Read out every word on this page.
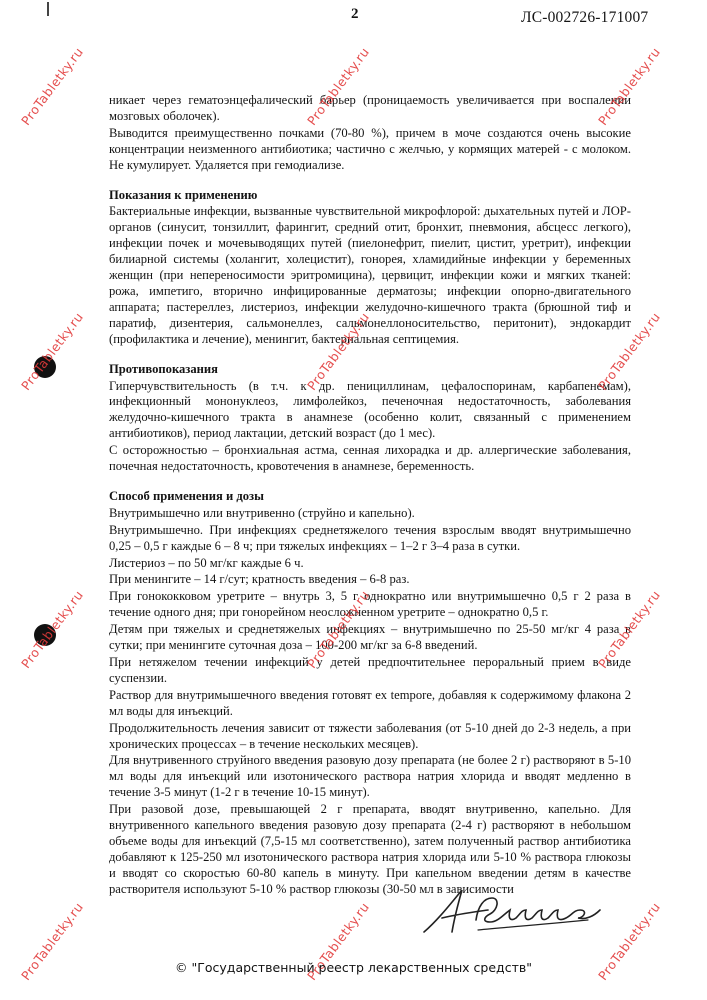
2	ЛС-002726-171007

никает через гематоэнцефалический барьер (проницаемость увеличивается при воспалении мозговых оболочек).

Выводится преимущественно почками (70-80 %), причем в моче создаются очень высокие концентрации неизменного антибиотика; частично с желчью, у кормящих матерей - с молоком. Не кумулирует. Удаляется при гемодиализе.

Показания к применению

Бактериальные инфекции, вызванные чувствительной микрофлорой: дыхательных путей и ЛОР-органов (синусит, тонзиллит, фарингит, средний отит, бронхит, пневмония, абсцесс легкого), инфекции почек и мочевыводящих путей (пиелонефрит, пиелит, цистит, уретрит), инфекции билиарной системы (холангит, холецистит), гонорея, хламидийные инфекции у беременных женщин (при непереносимости эритромицина), цервицит, инфекции кожи и мягких тканей: рожа, импетиго, вторично инфицированные дерматозы; инфекции опорно-двигательного аппарата; пастереллез, листериоз, инфекции желудочно-кишечного тракта (брюшной тиф и паратиф, дизентерия, сальмонеллез, сальмонеллоносительство, перитонит), эндокардит (профилактика и лечение), менингит, бактериальная септицемия.

Противопоказания

Гиперчувствительность (в т.ч. к др. пенициллинам, цефалоспоринам, карбапенемам), инфекционный мононуклеоз, лимфолейкоз, печеночная недостаточность, заболевания желудочно-кишечного тракта в анамнезе (особенно колит, связанный с применением антибиотиков), период лактации, детский возраст (до 1 мес).

С осторожностью – бронхиальная астма, сенная лихорадка и др. аллергические заболевания, почечная недостаточность, кровотечения в анамнезе, беременность.

Способ применения и дозы

Внутримышечно или внутривенно (струйно и капельно).

Внутримышечно. При инфекциях среднетяжелого течения взрослым вводят внутримышечно 0,25 – 0,5 г каждые 6 – 8 ч; при тяжелых инфекциях – 1–2 г 3–4 раза в сутки.

Листериоз – по 50 мг/кг каждые 6 ч.

При менингите – 14 г/сут; кратность введения – 6-8 раз.

При гонококковом уретрите – внутрь 3, 5 г однократно или внутримышечно 0,5 г 2 раза в течение одного дня; при гонорейном неосложненном уретрите – однократно 0,5 г.

Детям при тяжелых и среднетяжелых инфекциях – внутримышечно по 25-50 мг/кг 4 раза в сутки; при менингите суточная доза – 100-200 мг/кг за 6-8 введений.

При нетяжелом течении инфекций у детей предпочтительнее пероральный прием в виде суспензии.

Раствор для внутримышечного введения готовят ex tempore, добавляя к содержимому флакона 2 мл воды для инъекций.

Продолжительность лечения зависит от тяжести заболевания (от 5-10 дней до 2-3 недель, а при хронических процессах – в течение нескольких месяцев).

Для внутривенного струйного введения разовую дозу препарата (не более 2 г) растворяют в 5-10 мл воды для инъекций или изотонического раствора натрия хлорида и вводят медленно в течение 3-5 минут (1-2 г в течение 10-15 минут).

При разовой дозе, превышающей 2 г препарата, вводят внутривенно, капельно. Для внутривенного капельного введения разовую дозу препарата (2-4 г) растворяют в небольшом объеме воды для инъекций (7,5-15 мл соответственно), затем полученный раствор антибиотика добавляют к 125-250 мл изотонического раствора натрия хлорида или 5-10 % раствора глюкозы и вводят со скоростью 60-80 капель в минуту. При капельном введении детям в качестве растворителя используют 5-10 % раствор глюкозы (30-50 мл в зависимости

ProTabletky.ru	ProTabletky.ru	ProTabletky.ru
ProTabletky.ru	ProTabletky.ru	ProTabletky.ru
ProTabletky.ru	ProTabletky.ru	ProTabletky.ru
ProTabletky.ru	ProTabletky.ru	ProTabletky.ru
© "Государственный реестр лекарственных средств"
